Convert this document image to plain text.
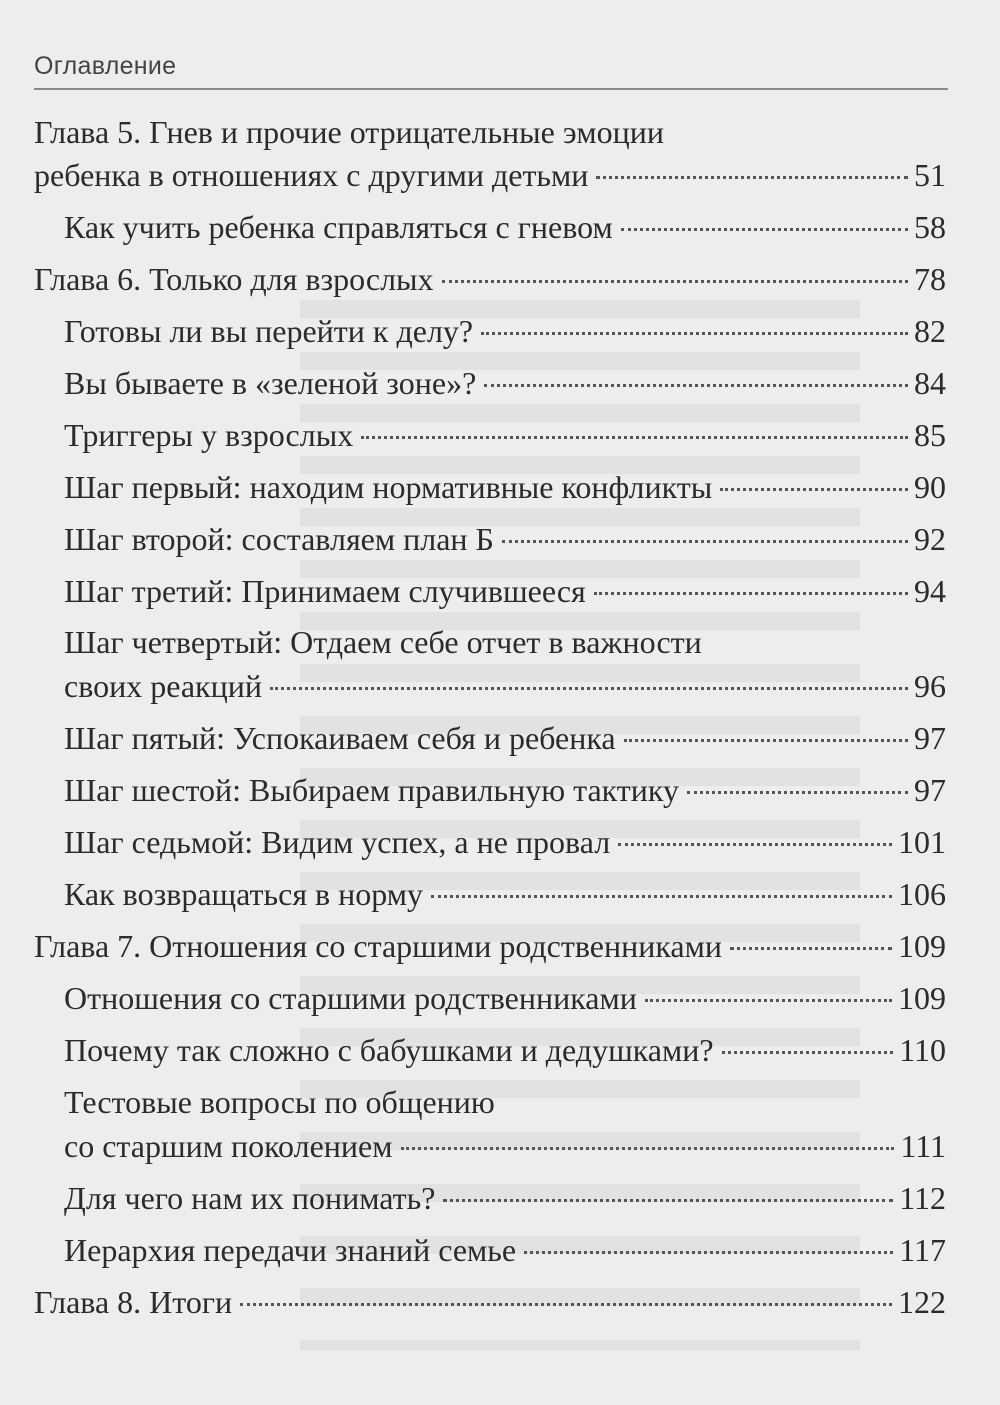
Оглавление
Глава 5. Гнев и прочие отрицательные эмоции
ребенка в отношениях с другими детьми	51
Как учить ребенка справляться с гневом	58
Глава 6. Только для взрослых	78
Готовы ли вы перейти к делу?	82
Вы бываете в «зеленой зоне»?	84
Триггеры у взрослых	85
Шаг первый: находим нормативные конфликты	90
Шаг второй: составляем план Б	92
Шаг третий: Принимаем случившееся	94
Шаг четвертый: Отдаем себе отчет в важности
своих реакций	96
Шаг пятый: Успокаиваем себя и ребенка	97
Шаг шестой: Выбираем правильную тактику	97
Шаг седьмой: Видим успех, а не провал	101
Как возвращаться в норму	106
Глава 7. Отношения со старшими родственниками	109
Отношения со старшими родственниками	109
Почему так сложно с бабушками и дедушками?	110
Тестовые вопросы по общению
со старшим поколением	111
Для чего нам их понимать?	112
Иерархия передачи знаний семье	117
Глава 8. Итоги	122
